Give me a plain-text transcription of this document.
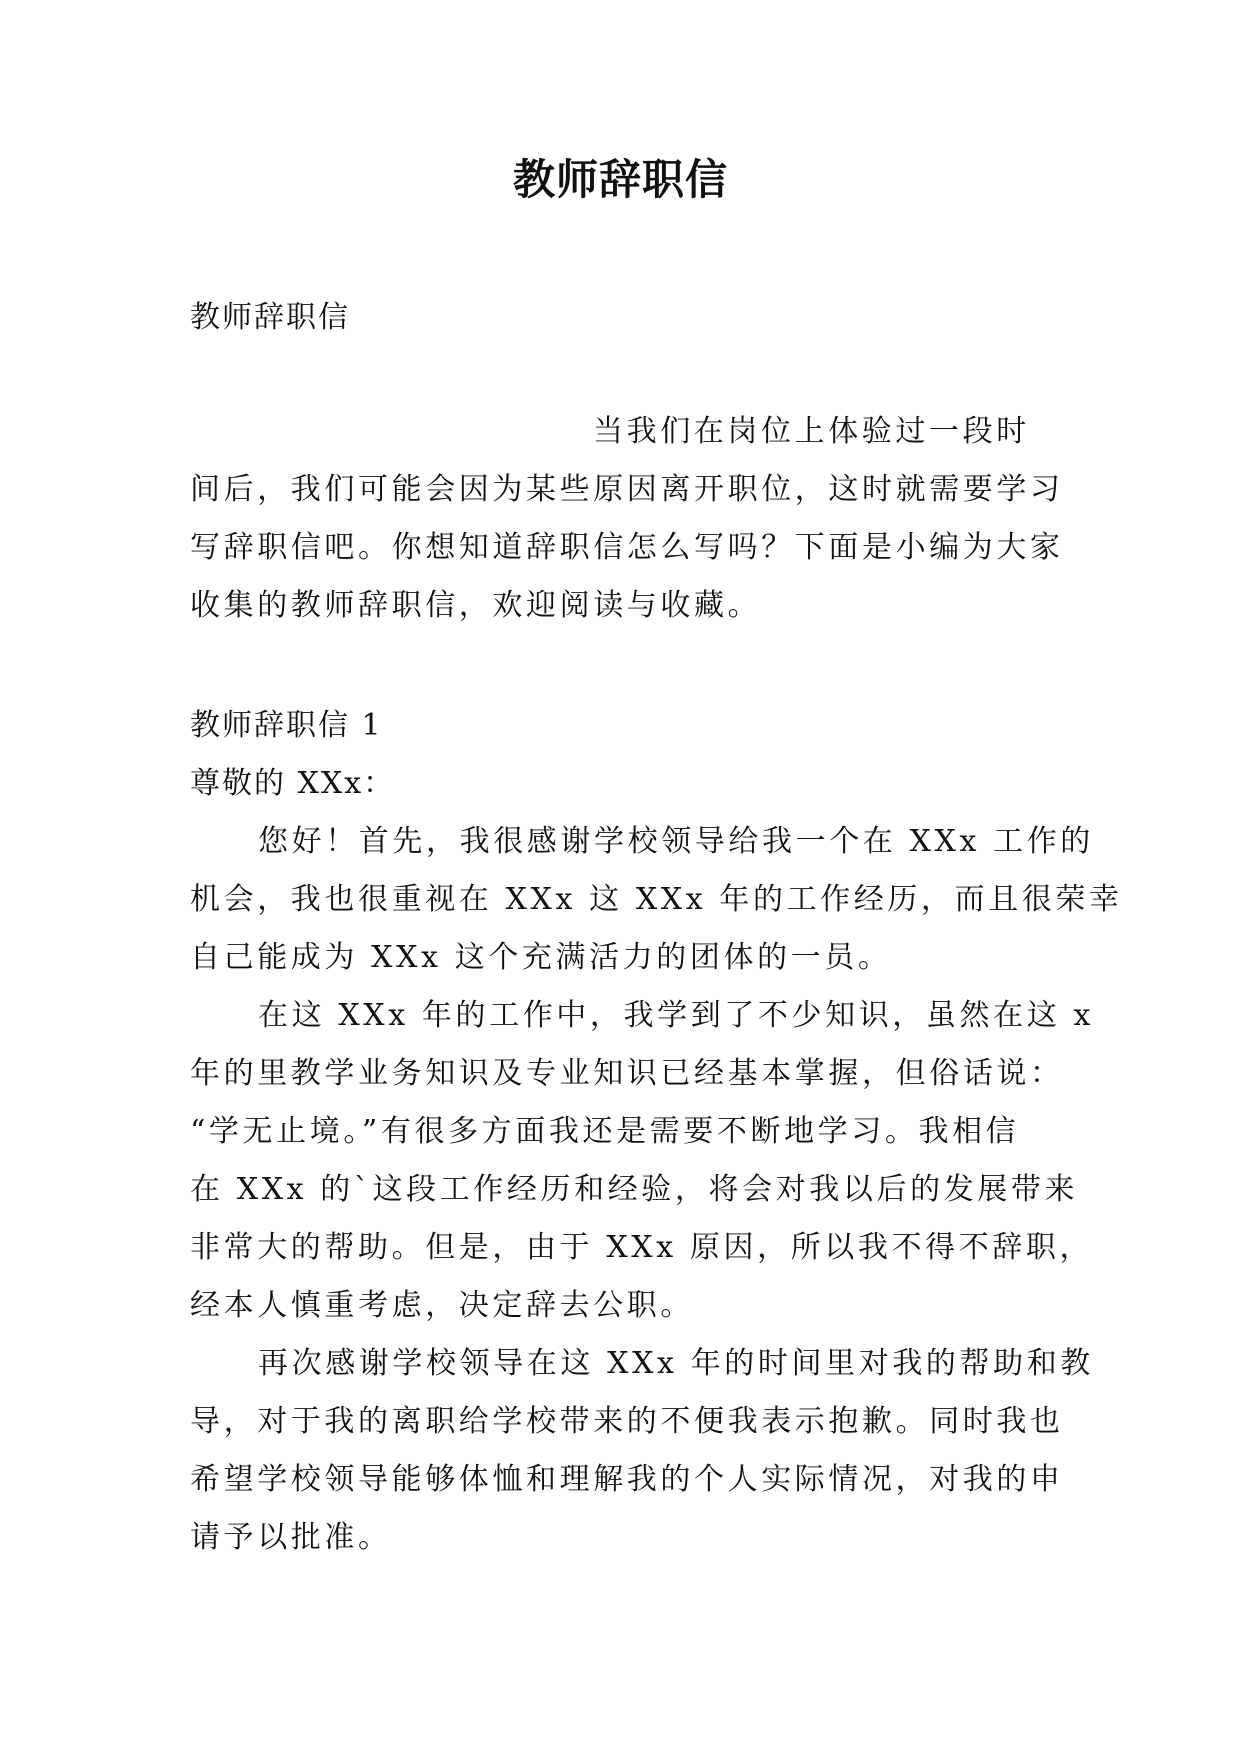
教师辞职信
教师辞职信
当我们在岗位上体验过一段时
间后，我们可能会因为某些原因离开职位，这时就需要学习
写辞职信吧。你想知道辞职信怎么写吗？下面是小编为大家
收集的教师辞职信，欢迎阅读与收藏。
教师辞职信 1
尊敬的 XXx：
您好！首先，我很感谢学校领导给我一个在 XXx 工作的
机会，我也很重视在 XXx 这 XXx 年的工作经历，而且很荣幸
自己能成为 XXx 这个充满活力的团体的一员。
在这 XXx 年的工作中，我学到了不少知识，虽然在这 x
年的里教学业务知识及专业知识已经基本掌握，但俗话说：
“学无止境。”有很多方面我还是需要不断地学习。我相信
在 XXx 的`这段工作经历和经验，将会对我以后的发展带来
非常大的帮助。但是，由于 XXx 原因，所以我不得不辞职，
经本人慎重考虑，决定辞去公职。
再次感谢学校领导在这 XXx 年的时间里对我的帮助和教
导，对于我的离职给学校带来的不便我表示抱歉。同时我也
希望学校领导能够体恤和理解我的个人实际情况，对我的申
请予以批准。
